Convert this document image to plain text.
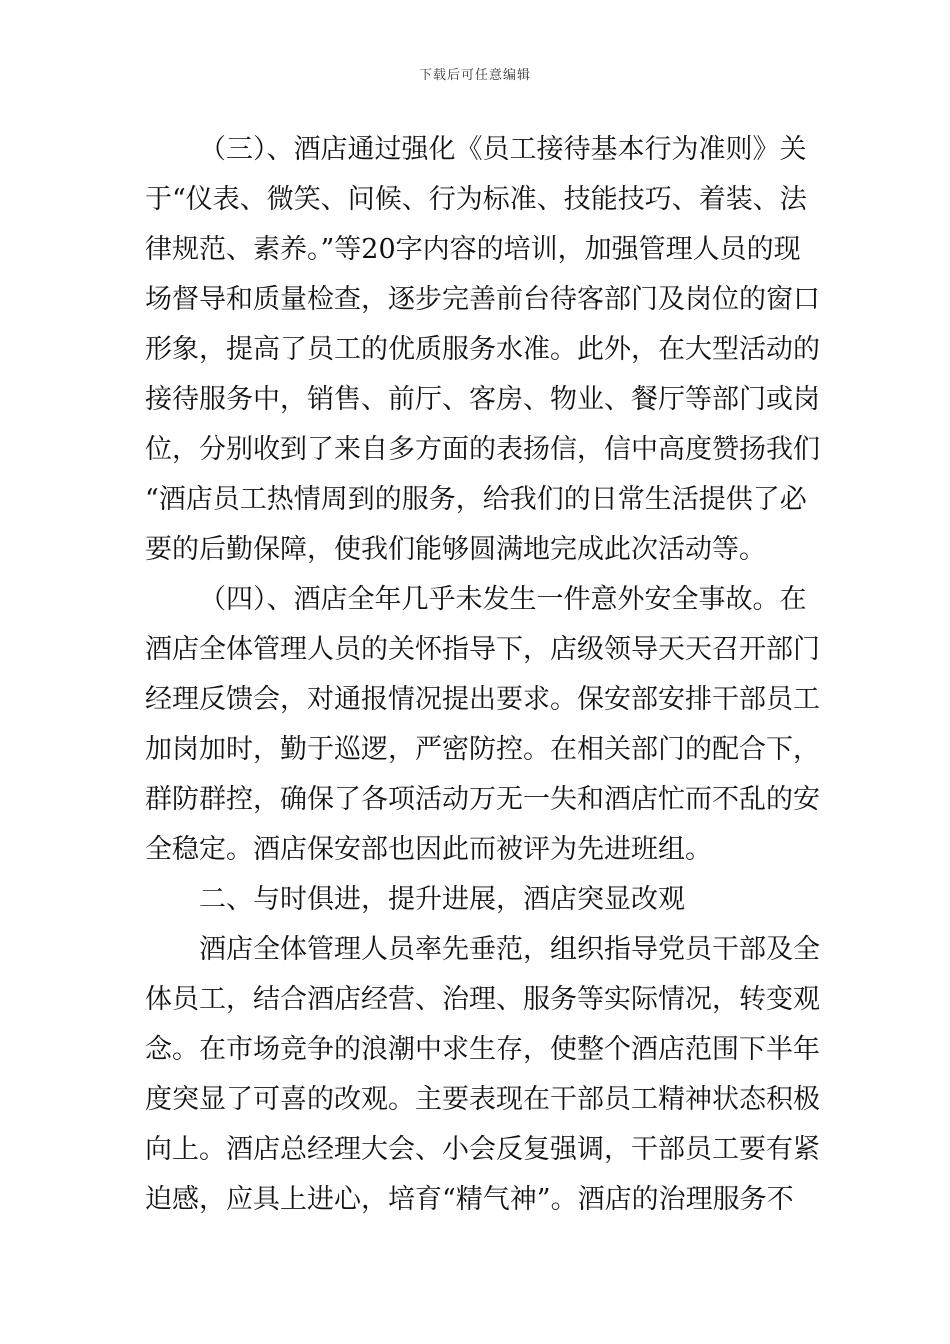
下载后可任意编辑
（三）、酒店通过强化《员工接待基本行为准则》关
于“仪表、微笑、问候、行为标准、技能技巧、着装、法
律规范、素养。”等20字内容的培训，加强管理人员的现
场督导和质量检查，逐步完善前台待客部门及岗位的窗口
形象，提高了员工的优质服务水准。此外，在大型活动的
接待服务中，销售、前厅、客房、物业、餐厅等部门或岗
位，分别收到了来自多方面的表扬信，信中高度赞扬我们
“酒店员工热情周到的服务，给我们的日常生活提供了必
要的后勤保障，使我们能够圆满地完成此次活动等。
（四）、酒店全年几乎未发生一件意外安全事故。在
酒店全体管理人员的关怀指导下，店级领导天天召开部门
经理反馈会，对通报情况提出要求。保安部安排干部员工
加岗加时，勤于巡逻，严密防控。在相关部门的配合下，
群防群控，确保了各项活动万无一失和酒店忙而不乱的安
全稳定。酒店保安部也因此而被评为先进班组。
二、与时俱进，提升进展，酒店突显改观
酒店全体管理人员率先垂范，组织指导党员干部及全
体员工，结合酒店经营、治理、服务等实际情况，转变观
念。在市场竞争的浪潮中求生存，使整个酒店范围下半年
度突显了可喜的改观。主要表现在干部员工精神状态积极
向上。酒店总经理大会、小会反复强调，干部员工要有紧
迫感，应具上进心，培育“精气神”。酒店的治理服务不
